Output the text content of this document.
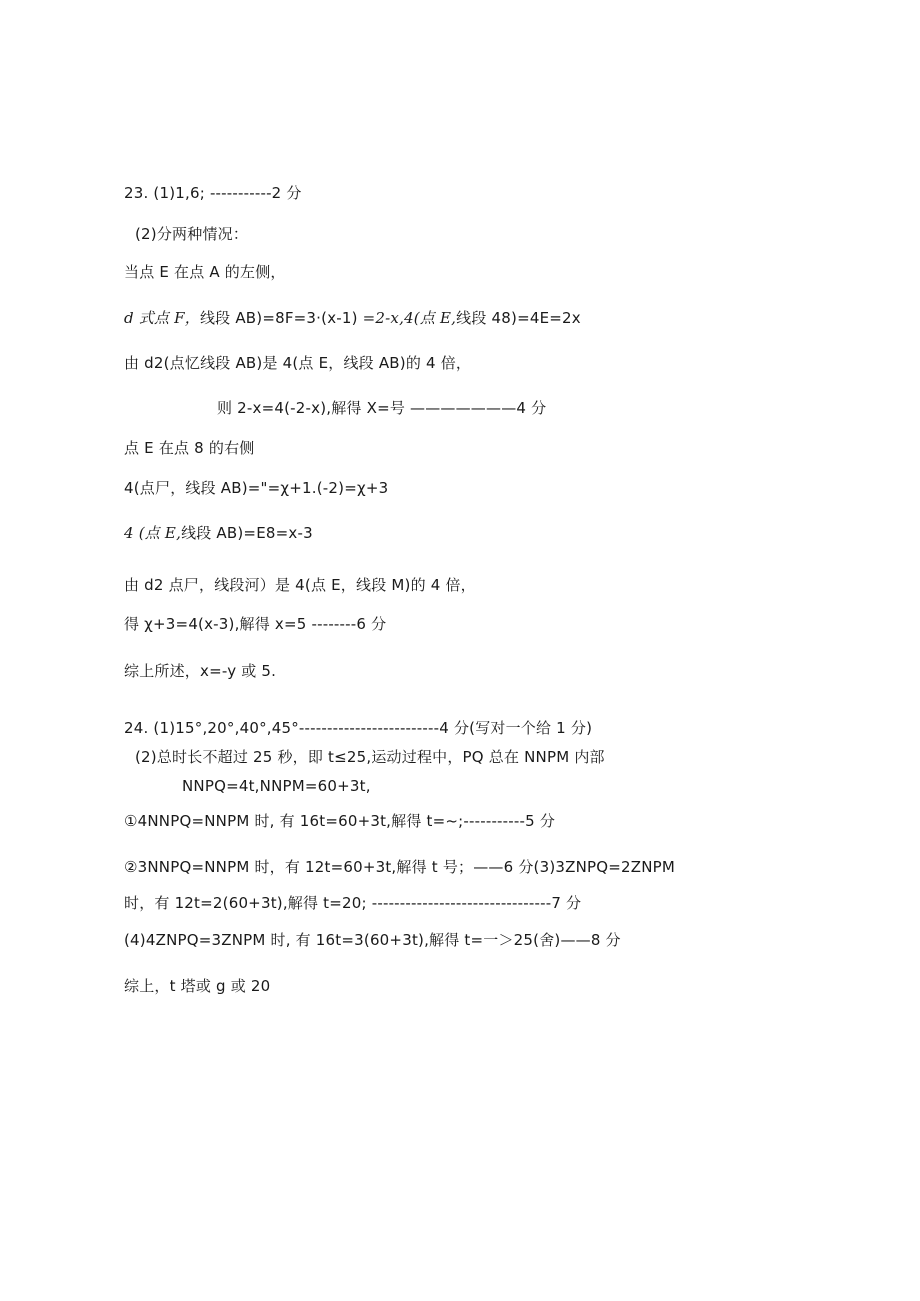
23. (1)1,6; -----------2 分
(2)分两种情况：
当点 E 在点 A 的左侧，
d 式点 F，线段 AB)=8F=3·(x-1) =2-x,4(点 E,线段 48)=4E=2x
由 d2(点忆线段 AB)是 4(点 E，线段 AB)的 4 倍，
则 2-x=4(-2-x),解得 X=号 ———————4 分
点 E 在点 8 的右侧
4(点尸，线段 AB)="=χ+1.(-2)=χ+3
4 (点 E,线段 AB)=E8=x-3
由 d2 点尸，线段河）是 4(点 E，线段 M)的 4 倍，
得 χ+3=4(x-3),解得 x=5 --------6 分
综上所述，x=-y 或 5.
24. (1)15°,20°,40°,45°-------------------------4 分(写对一个给 1 分)
(2)总时长不超过 25 秒，即 t≤25,运动过程中，PQ 总在 NNPM 内部
NNPQ=4t,NNPM=60+3t,
①4NNPQ=NNPM 时, 有 16t=60+3t,解得 t=~;-----------5 分
②3NNPQ=NNPM 时，有 12t=60+3t,解得 t 号；——6 分(3)3ZNPQ=2ZNPM
时，有 12t=2(60+3t),解得 t=20; --------------------------------7 分
(4)4ZNPQ=3ZNPM 时, 有 16t=3(60+3t),解得 t=一＞25(舍)——8 分
综上，t 塔或 g 或 20
